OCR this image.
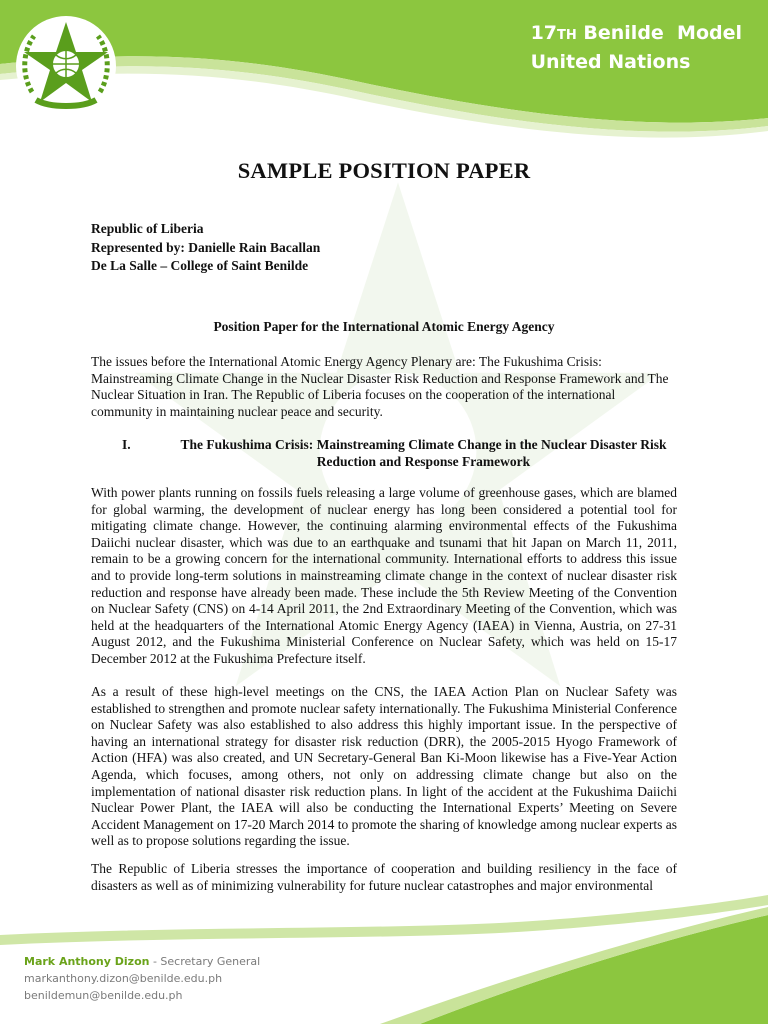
17TH Benilde  Model
United Nations
SAMPLE POSITION PAPER
Republic of Liberia
Represented by: Danielle Rain Bacallan
De La Salle – College of Saint Benilde
Position Paper for the International Atomic Energy Agency
The issues before the International Atomic Energy Agency Plenary are: The Fukushima Crisis: Mainstreaming Climate Change in the Nuclear Disaster Risk Reduction and Response Framework and The Nuclear Situation in Iran. The Republic of Liberia focuses on the cooperation of the international community in maintaining nuclear peace and security.
I.	The Fukushima Crisis: Mainstreaming Climate Change in the Nuclear Disaster Risk Reduction and Response Framework
With power plants running on fossils fuels releasing a large volume of greenhouse gases, which are blamed for global warming, the development of nuclear energy has long been considered a potential tool for mitigating climate change. However, the continuing alarming environmental effects of the Fukushima Daiichi nuclear disaster, which was due to an earthquake and tsunami that hit Japan on March 11, 2011, remain to be a growing concern for the international community. International efforts to address this issue and to provide long-term solutions in mainstreaming climate change in the context of nuclear disaster risk reduction and response have already been made. These include the 5th Review Meeting of the Convention on Nuclear Safety (CNS) on 4-14 April 2011, the 2nd Extraordinary Meeting of the Convention, which was held at the headquarters of the International Atomic Energy Agency (IAEA) in Vienna, Austria, on 27-31 August 2012, and the Fukushima Ministerial Conference on Nuclear Safety, which was held on 15-17 December 2012 at the Fukushima Prefecture itself.
As a result of these high-level meetings on the CNS, the IAEA Action Plan on Nuclear Safety was established to strengthen and promote nuclear safety internationally. The Fukushima Ministerial Conference on Nuclear Safety was also established to also address this highly important issue. In the perspective of having an international strategy for disaster risk reduction (DRR), the 2005-2015 Hyogo Framework of Action (HFA) was also created, and UN Secretary-General Ban Ki-Moon likewise has a Five-Year Action Agenda, which focuses, among others, not only on addressing climate change but also on the implementation of national disaster risk reduction plans. In light of the accident at the Fukushima Daiichi Nuclear Power Plant, the IAEA will also be conducting the International Experts’ Meeting on Severe Accident Management on 17-20 March 2014 to promote the sharing of knowledge among nuclear experts as well as to propose solutions regarding the issue.
The Republic of Liberia stresses the importance of cooperation and building resiliency in the face of disasters as well as of minimizing vulnerability for future nuclear catastrophes and major environmental
Mark Anthony Dizon - Secretary General
markanthony.dizon@benilde.edu.ph
benildemun@benilde.edu.ph
